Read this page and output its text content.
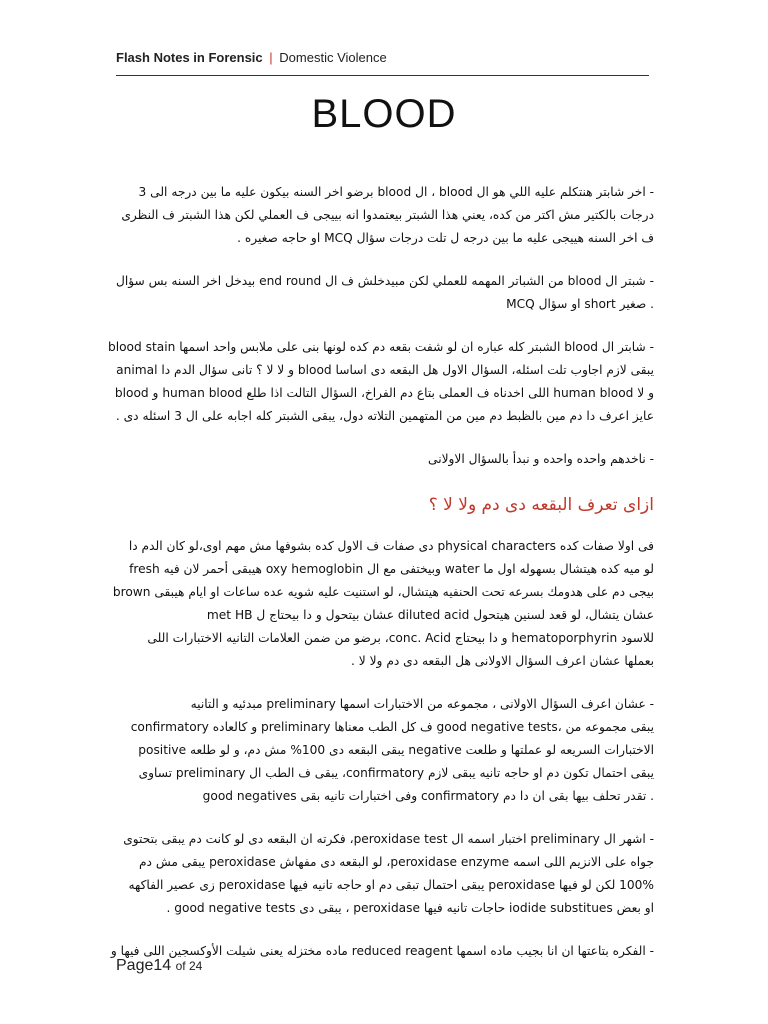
Flash Notes in Forensic | Domestic Violence
BLOOD
- اخر شابتر هنتكلم عليه اللي هو ال blood ، ال blood برضو اخر السنه بيكون عليه ما بين درجه الى 3
درجات بالكتير مش اكتر من كده، يعني هذا الشبتر بيعتمدوا انه بييجى ف العملي لكن هذا الشبتر ف النظرى
ف اخر السنه هييجى عليه ما بين درجه ل تلت درجات سؤال MCQ او حاجه صغيره .
- شبتر ال blood من الشباتر المهمه للعملي لكن مبيدخلش ف ال end round بيدخل اخر السنه بس سؤال
MCQ او سؤال short صغير .
- شابتر ال blood الشبتر كله عباره ان لو شفت بقعه دم كده لونها بنى على ملابس واحد اسمها blood stain
يبقى لازم اجاوب تلت اسئله، السؤال الاول هل البقعه دى اساسا blood و لا لا ؟ تانى سؤال الدم دا animal
و لا human blood اللى اخدناه ف العملى بتاع دم الفراخ، السؤال التالت اذا طلع human blood و blood
عايز اعرف دا دم مين بالظبط دم مين من المتهمين التلاته دول، يبقى الشبتر كله اجابه على ال 3 اسئله دى .
- ناخدهم واحده واحده و نبدأ بالسؤال الاولانى
ازاى تعرف البقعه دى دم ولا لا ؟
فى اولا صفات كده physical characters دى صفات ف الاول كده بشوفها مش مهم اوى،لو كان الدم دا
fresh هيبقى أحمر لان فيه oxy hemoglobin وبيختفى مع ال water لو ميه كده هيتشال بسهوله اول ما
بيجى دم على هدومك بسرعه تحت الحنفيه هيتشال، لو استنيت عليه شويه عده ساعات او ايام هيبقى brown
met HB عشان بيتحول و دا بيحتاج ل diluted acid عشان يتشال، لو قعد لسنين هيتحول
للاسود hematoporphyrin و دا بيحتاج conc. Acid، برضو من ضمن العلامات التانيه الاختبارات اللى
بعملها عشان اعرف السؤال الاولانى هل البقعه دى دم ولا لا .
- عشان اعرف السؤال الاولانى ، مجموعه من الاختبارات اسمها preliminary مبدئيه و التانيه
confirmatory و كالعاده preliminary ف كل الطب معناها good negative tests، يبقى مجموعه من
الاختبارات السريعه لو عملتها و طلعت negative يبقى البقعه دى 100% مش دم، و لو طلعه positive
يبقى احتمال تكون دم او حاجه تانيه يبقى لازم confirmatory، يبقى ف الطب ال preliminary تساوى
good negatives وفى اختبارات تانيه بقى confirmatory تقدر تحلف بيها بقى ان دا دم .
- اشهر ال preliminary اختبار اسمه ال peroxidase test، فكرته ان البقعه دى لو كانت دم يبقى بتحتوى
جواه على الانزيم اللى اسمه peroxidase enzyme، لو البقعه دى مفهاش peroxidase يبقى مش دم
100% لكن لو فيها peroxidase يبقى احتمال تبقى دم او حاجه تانيه فيها peroxidase زى عصير الفاكهه
او بعض iodide substitues حاجات تانيه فيها peroxidase ، يبقى دى good negative tests .
- الفكره بتاعتها ان انا بجيب ماده اسمها reduced reagent ماده مختزله يعنى شيلت الأوكسجين اللى فيها و
Page14 of 24
